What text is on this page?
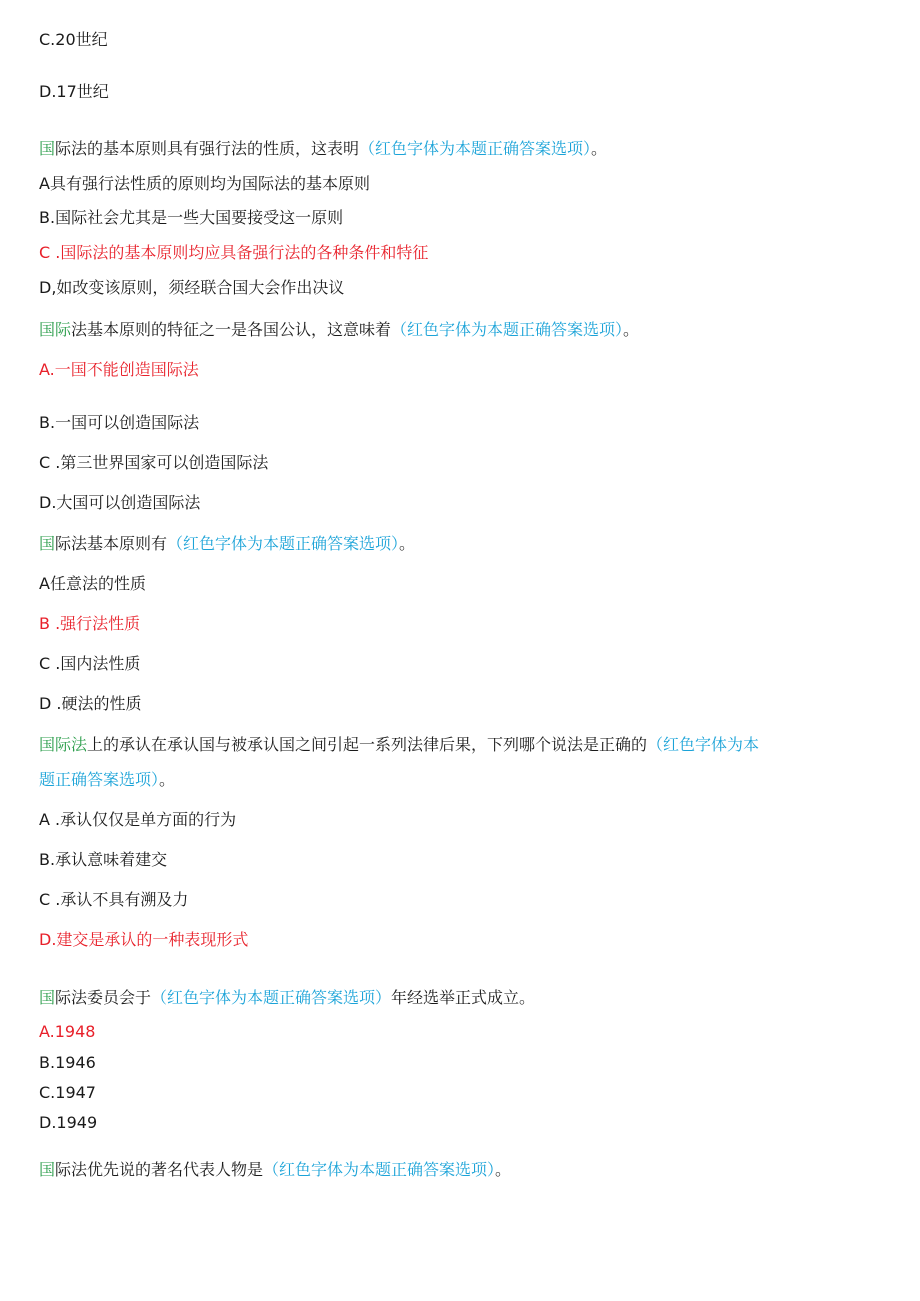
C.20世纪
D.17世纪
国际法的基本原则具有强行法的性质，这表明（红色字体为本题正确答案选项）。
A具有强行法性质的原则均为国际法的基本原则
B.国际社会尤其是一些大国要接受这一原则
C .国际法的基本原则均应具备强行法的各种条件和特征
D,如改变该原则，须经联合国大会作出决议
国际法基本原则的特征之一是各国公认，这意味着（红色字体为本题正确答案选项）。
A.一国不能创造国际法
B.一国可以创造国际法
C .第三世界国家可以创造国际法
D.大国可以创造国际法
国际法基本原则有（红色字体为本题正确答案选项）。
A任意法的性质
B .强行法性质
C .国内法性质
D .硬法的性质
国际法上的承认在承认国与被承认国之间引起一系列法律后果，下列哪个说法是正确的（红色字体为本
题正确答案选项）。
A .承认仅仅是单方面的行为
B.承认意味着建交
C .承认不具有溯及力
D.建交是承认的一种表现形式
国际法委员会于（红色字体为本题正确答案选项）年经选举正式成立。
A.1948
B.1946
C.1947
D.1949
国际法优先说的著名代表人物是（红色字体为本题正确答案选项）。
